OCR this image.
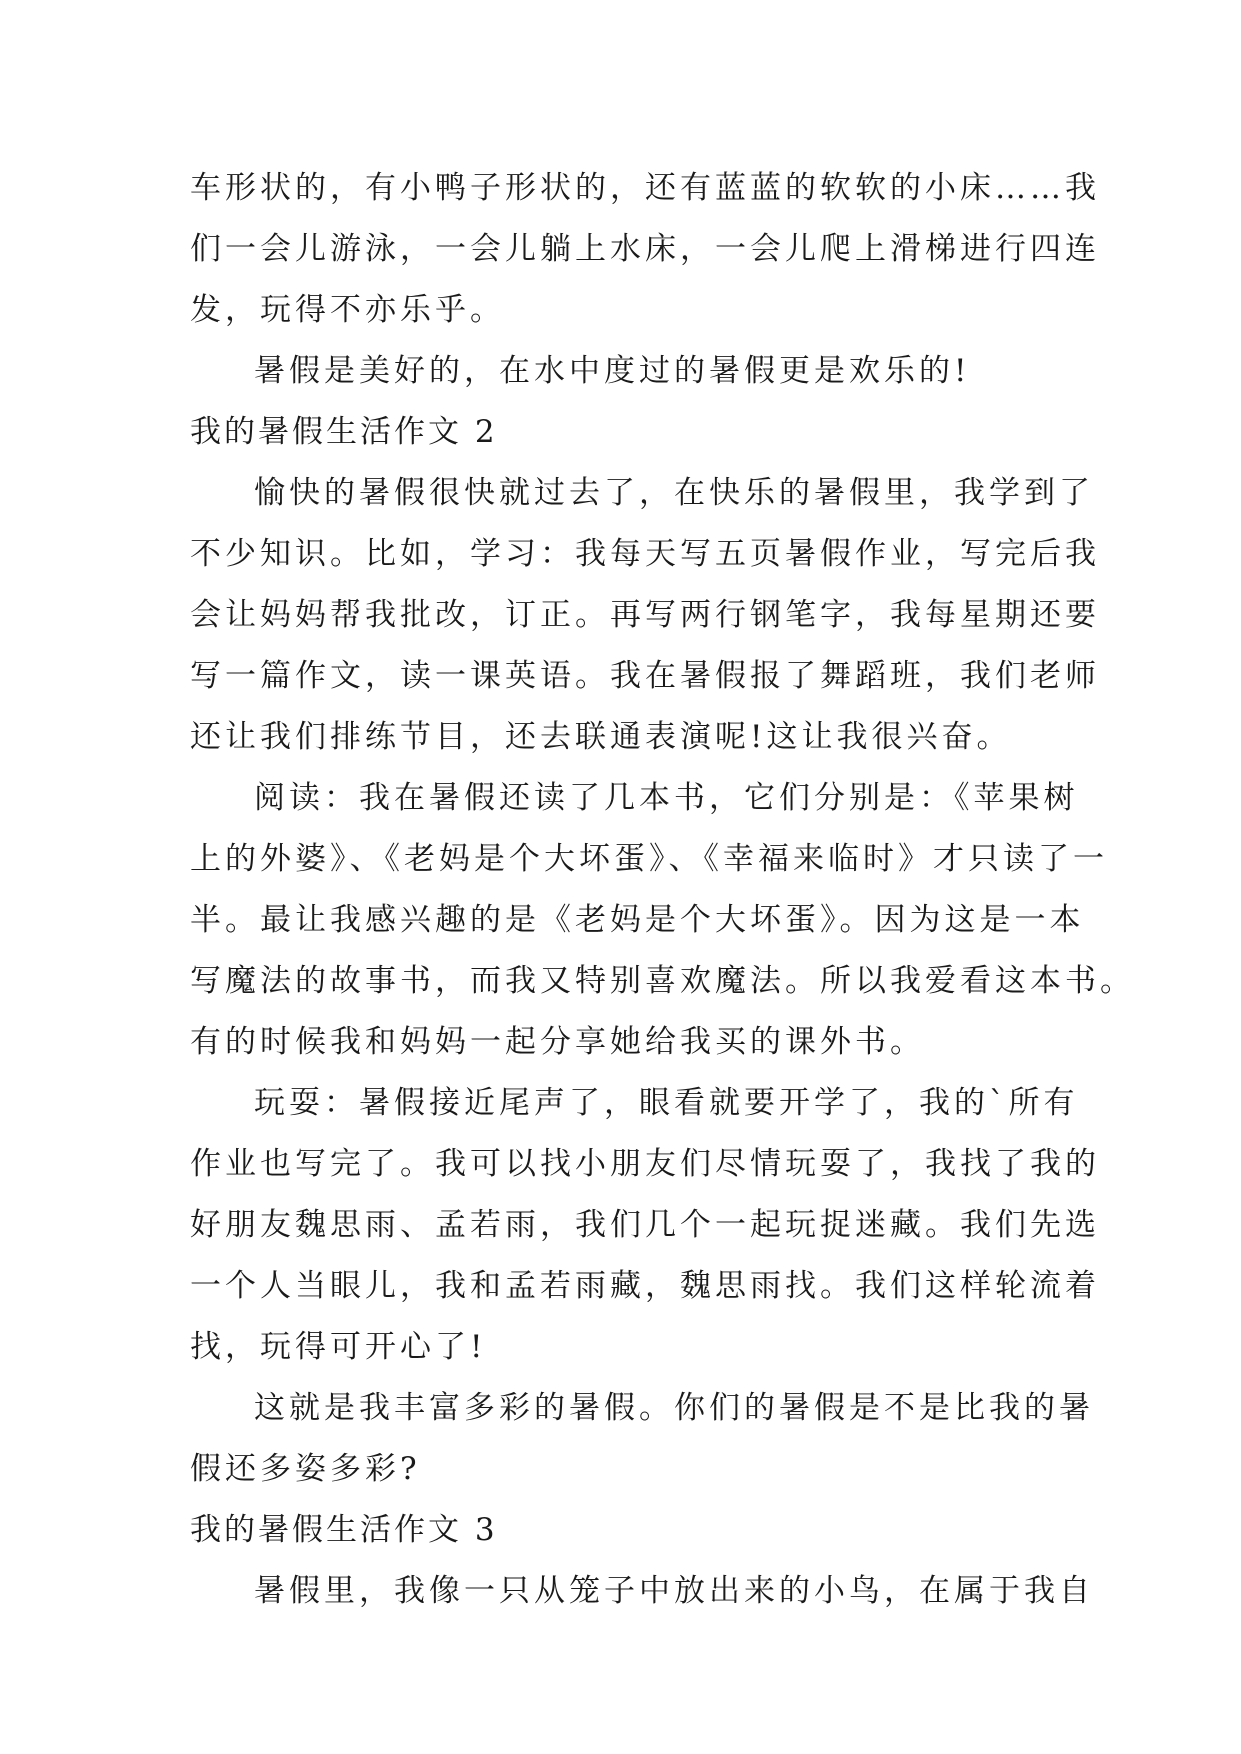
车形状的，有小鸭子形状的，还有蓝蓝的软软的小床……我
们一会儿游泳，一会儿躺上水床，一会儿爬上滑梯进行四连
发，玩得不亦乐乎。
暑假是美好的，在水中度过的暑假更是欢乐的!
我的暑假生活作文 2
愉快的暑假很快就过去了，在快乐的暑假里，我学到了
不少知识。比如，学习：我每天写五页暑假作业，写完后我
会让妈妈帮我批改，订正。再写两行钢笔字，我每星期还要
写一篇作文，读一课英语。我在暑假报了舞蹈班，我们老师
还让我们排练节目，还去联通表演呢!这让我很兴奋。
阅读：我在暑假还读了几本书，它们分别是：《苹果树
上的外婆》、《老妈是个大坏蛋》、《幸福来临时》才只读了一
半。最让我感兴趣的是《老妈是个大坏蛋》。因为这是一本
写魔法的故事书，而我又特别喜欢魔法。所以我爱看这本书。
有的时候我和妈妈一起分享她给我买的课外书。
玩耍：暑假接近尾声了，眼看就要开学了，我的`所有
作业也写完了。我可以找小朋友们尽情玩耍了，我找了我的
好朋友魏思雨、孟若雨，我们几个一起玩捉迷藏。我们先选
一个人当眼儿，我和孟若雨藏，魏思雨找。我们这样轮流着
找，玩得可开心了!
这就是我丰富多彩的暑假。你们的暑假是不是比我的暑
假还多姿多彩?
我的暑假生活作文 3
暑假里，我像一只从笼子中放出来的小鸟，在属于我自
